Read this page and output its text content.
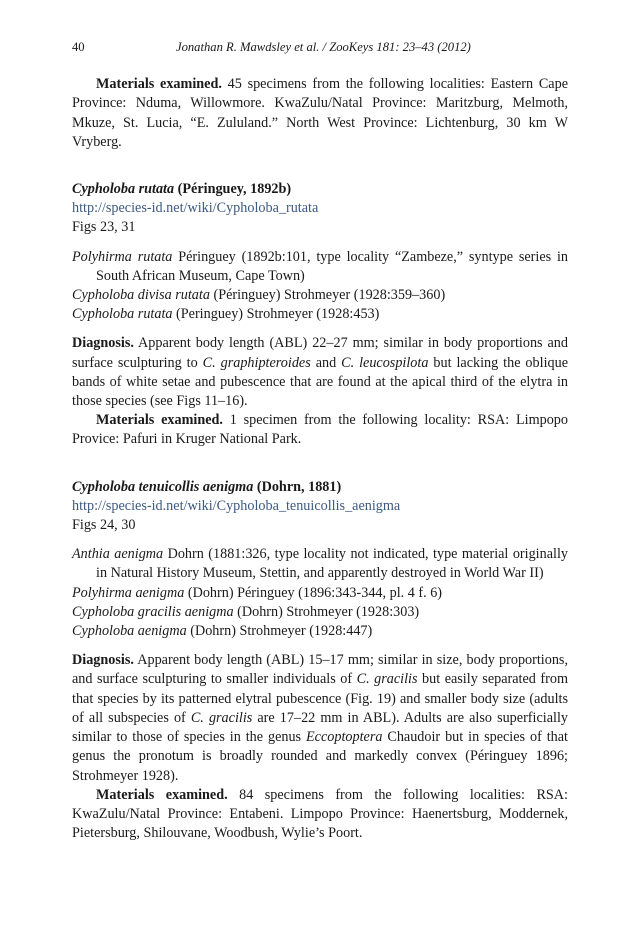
40	Jonathan R. Mawdsley et al. / ZooKeys 181: 23–43 (2012)

Materials examined. 45 specimens from the following localities: Eastern Cape Province: Nduma, Willowmore. KwaZulu/Natal Province: Maritzburg, Melmoth, Mkuze, St. Lucia, “E. Zululand.” North West Province: Lichtenburg, 30 km W Vryberg.

Cypholoba rutata (Péringuey, 1892b)
http://species-id.net/wiki/Cypholoba_rutata
Figs 23, 31
Polyhirma rutata Péringuey (1892b:101, type locality “Zambeze,” syntype series in South African Museum, Cape Town)
Cypholoba divisa rutata (Péringuey) Strohmeyer (1928:359–360)
Cypholoba rutata (Peringuey) Strohmeyer (1928:453)

Diagnosis. Apparent body length (ABL) 22–27 mm; similar in body proportions and surface sculpturing to C. graphipteroides and C. leucospilota but lacking the oblique bands of white setae and pubescence that are found at the apical third of the elytra in those species (see Figs 11–16).

Materials examined. 1 specimen from the following locality: RSA: Limpopo Provice: Pafuri in Kruger National Park.

Cypholoba tenuicollis aenigma (Dohrn, 1881)
http://species-id.net/wiki/Cypholoba_tenuicollis_aenigma
Figs 24, 30
Anthia aenigma Dohrn (1881:326, type locality not indicated, type material originally in Natural History Museum, Stettin, and apparently destroyed in World War II)
Polyhirma aenigma (Dohrn) Péringuey (1896:343-344, pl. 4 f. 6)
Cypholoba gracilis aenigma (Dohrn) Strohmeyer (1928:303)
Cypholoba aenigma (Dohrn) Strohmeyer (1928:447)

Diagnosis. Apparent body length (ABL) 15–17 mm; similar in size, body proportions, and surface sculpturing to smaller individuals of C. gracilis but easily separated from that species by its patterned elytral pubescence (Fig. 19) and smaller body size (adults of all subspecies of C. gracilis are 17–22 mm in ABL). Adults are also superficially similar to those of species in the genus Eccoptoptera Chaudoir but in species of that genus the pronotum is broadly rounded and markedly convex (Péringuey 1896; Strohmeyer 1928).

Materials examined. 84 specimens from the following localities: RSA: KwaZulu/Natal Province: Entabeni. Limpopo Province: Haenertsburg, Moddernek, Pietersburg, Shilouvane, Woodbush, Wylie’s Poort.
